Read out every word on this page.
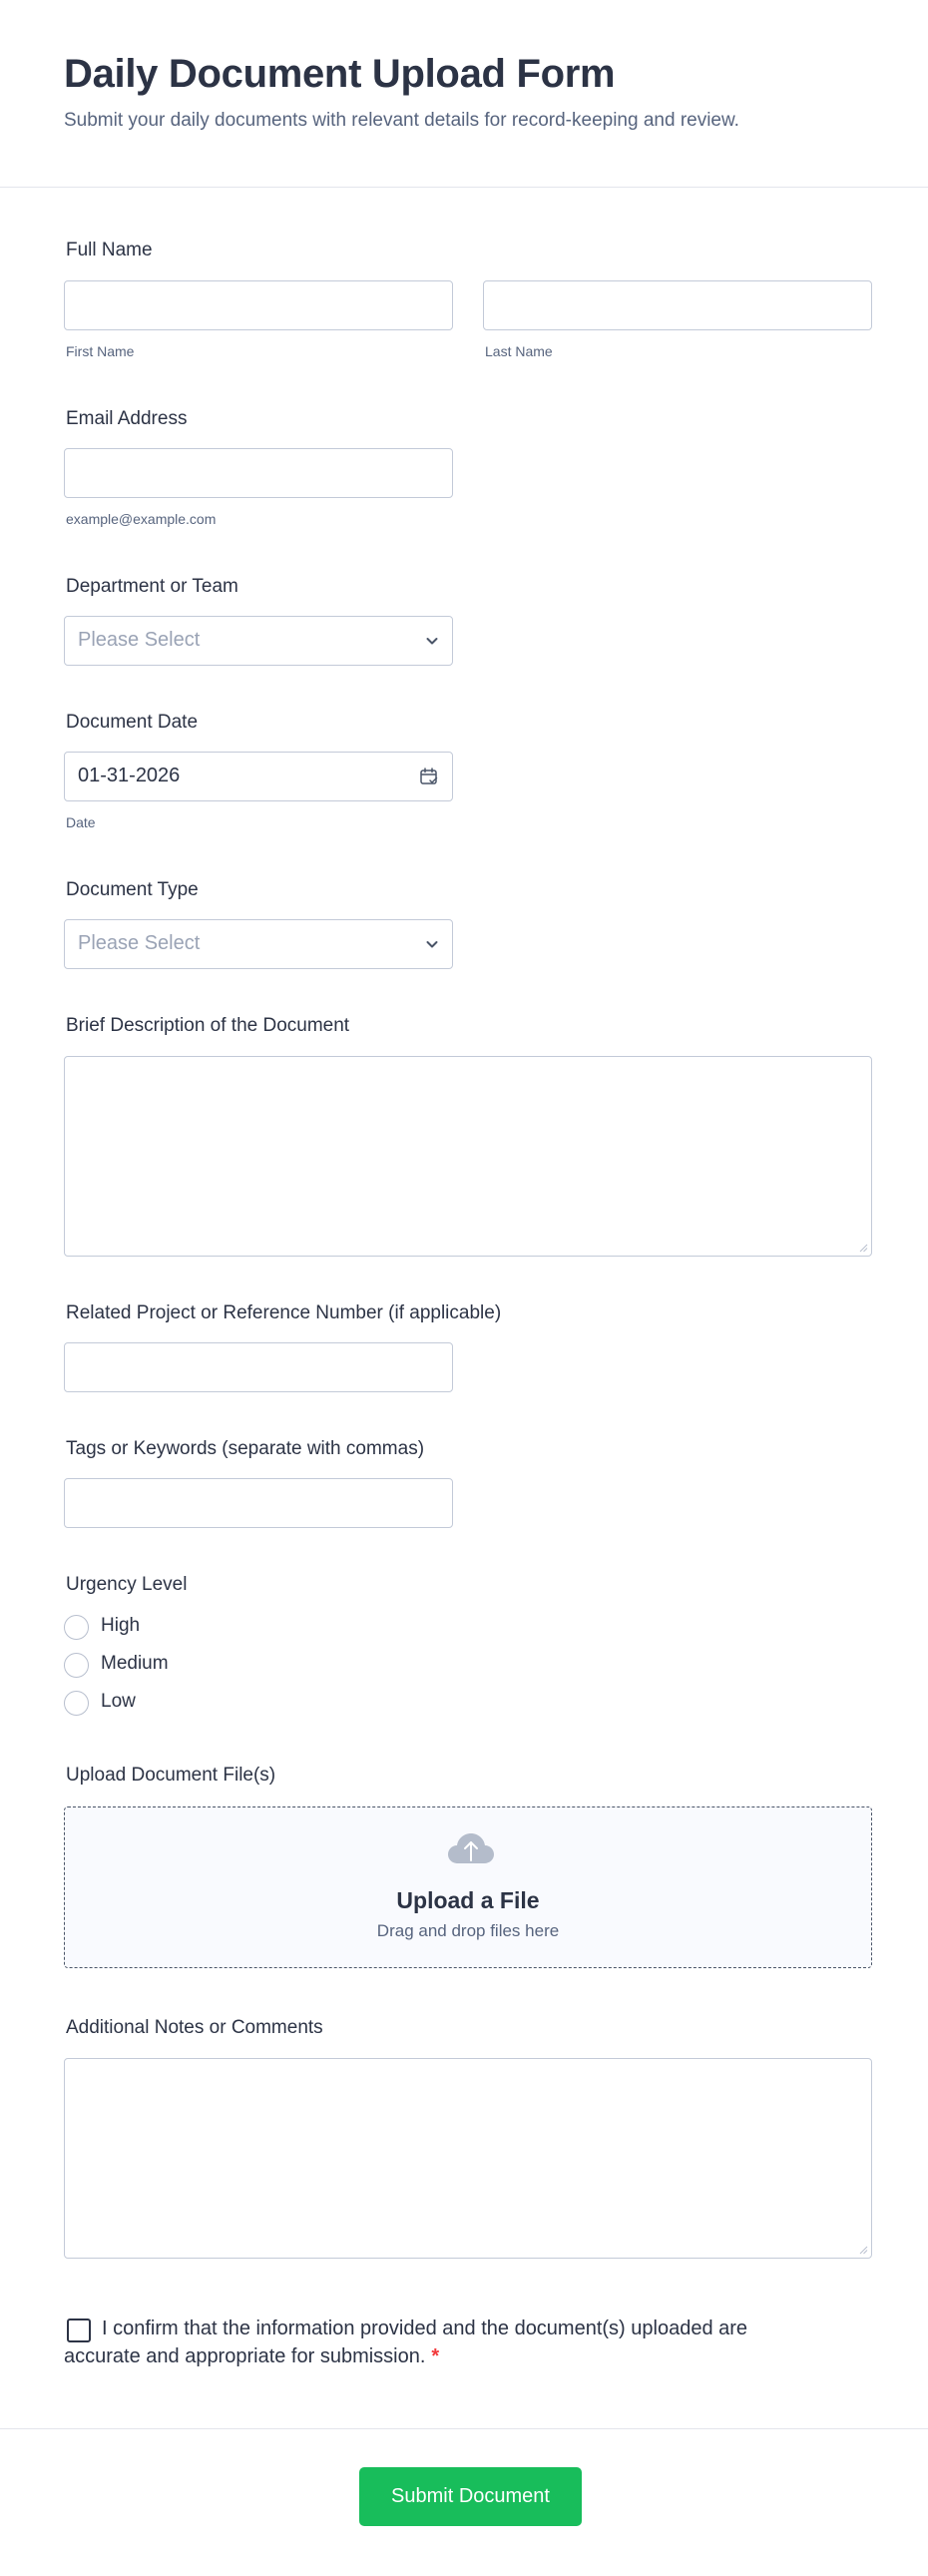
Daily Document Upload Form

Submit your daily documents with relevant details for record-keeping and review.

Full Name
First Name	Last Name
Email Address
example@example.com
Department or Team
Please Select
Document Date
01-31-2026
Date
Document Type
Please Select
Brief Description of the Document
Related Project or Reference Number (if applicable)
Tags or Keywords (separate with commas)
Urgency Level
High
Medium
Low
Upload Document File(s)
Upload a File
Drag and drop files here
Additional Notes or Comments
I confirm that the information provided and the document(s) uploaded are accurate and appropriate for submission. *
Submit Document
